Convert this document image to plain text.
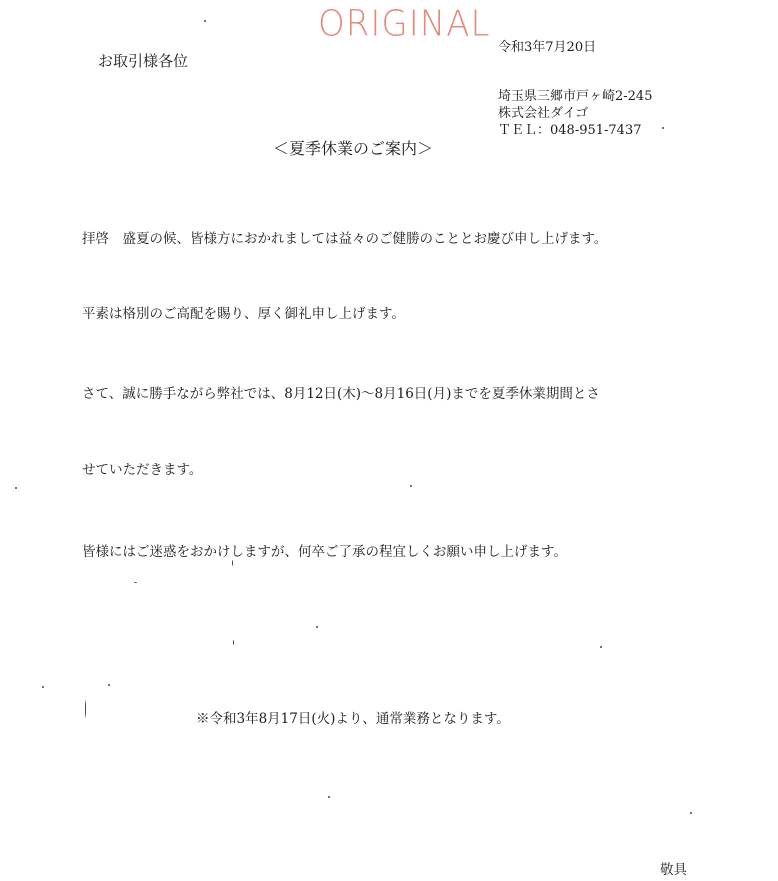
ORIGINAL
令和3年7月20日
お取引様各位
埼玉県三郷市戸ヶ崎2-245
株式会社ダイゴ
ＴＥＬ：048-951-7437
＜夏季休業のご案内＞
拝啓　盛夏の候、皆様方におかれましては益々のご健勝のこととお慶び申し上げます。
平素は格別のご高配を賜り、厚く御礼申し上げます。
さて、誠に勝手ながら弊社では、8月12日(木)～8月16日(月)までを夏季休業期間とさ
せていただきます。
皆様にはご迷惑をおかけしますが、何卒ご了承の程宜しくお願い申し上げます。
※令和3年8月17日(火)より、通常業務となります。
敬具
